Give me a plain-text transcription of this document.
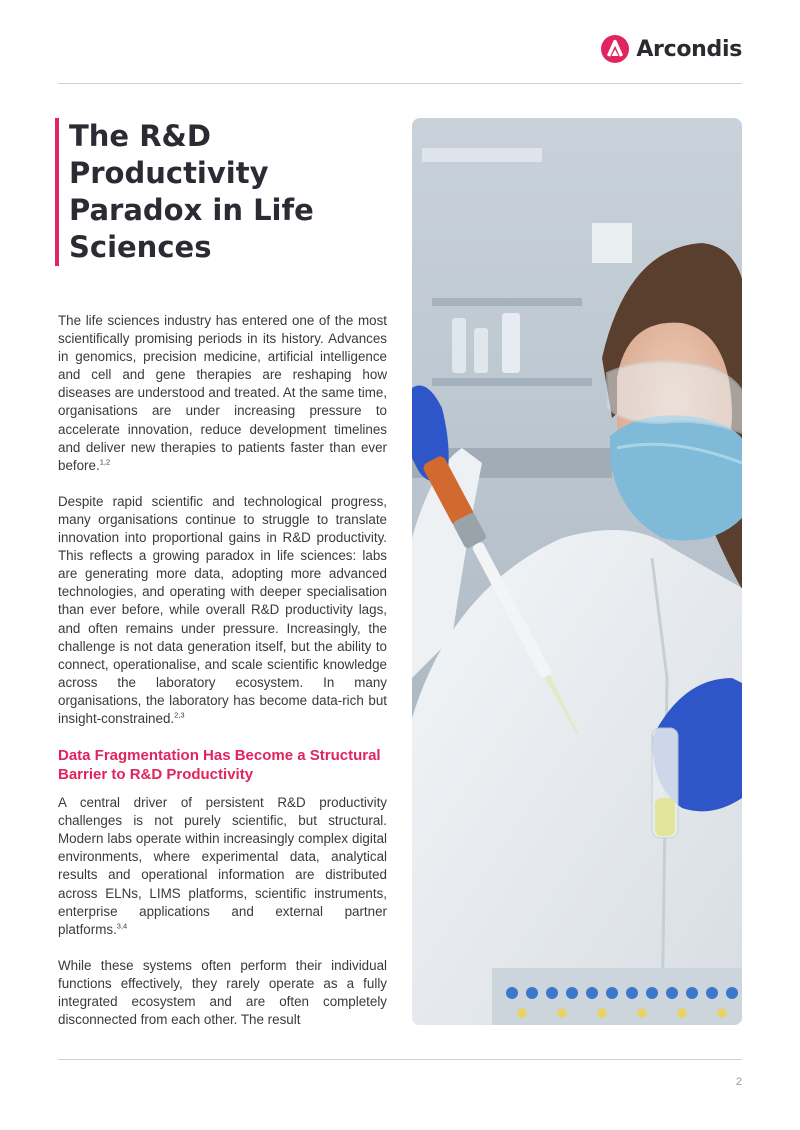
Arcondis
The R&D Productivity Paradox in Life Sciences

The life sciences industry has entered one of the most scientifically promising periods in its history. Advances in genomics, precision medicine, artificial intelligence and cell and gene therapies are reshaping how diseases are understood and treated. At the same time, organisations are under increasing pressure to accelerate innovation, reduce development timelines and deliver new therapies to patients faster than ever before.$^{1,2}$

Despite rapid scientific and technological progress, many organisations continue to struggle to translate innovation into proportional gains in R&D productivity. This reflects a growing paradox in life sciences: labs are generating more data, adopting more advanced technologies, and operating with deeper specialisation than ever before, while overall R&D productivity lags, and often remains under pressure. Increasingly, the challenge is not data generation itself, but the ability to connect, operationalise, and scale scientific knowledge across the laboratory ecosystem. In many organisations, the laboratory has become data-rich but insight-constrained.$^{2,3}$

Data Fragmentation Has Become a Structural Barrier to R&D Productivity

A central driver of persistent R&D productivity challenges is not purely scientific, but structural. Modern labs operate within increasingly complex digital environments, where experimental data, analytical results and operational information are distributed across ELNs, LIMS platforms, scientific instruments, enterprise applications and external partner platforms.$^{3,4}$

While these systems often perform their individual functions effectively, they rarely operate as a fully integrated ecosystem and are often completely disconnected from each other. The result

2
